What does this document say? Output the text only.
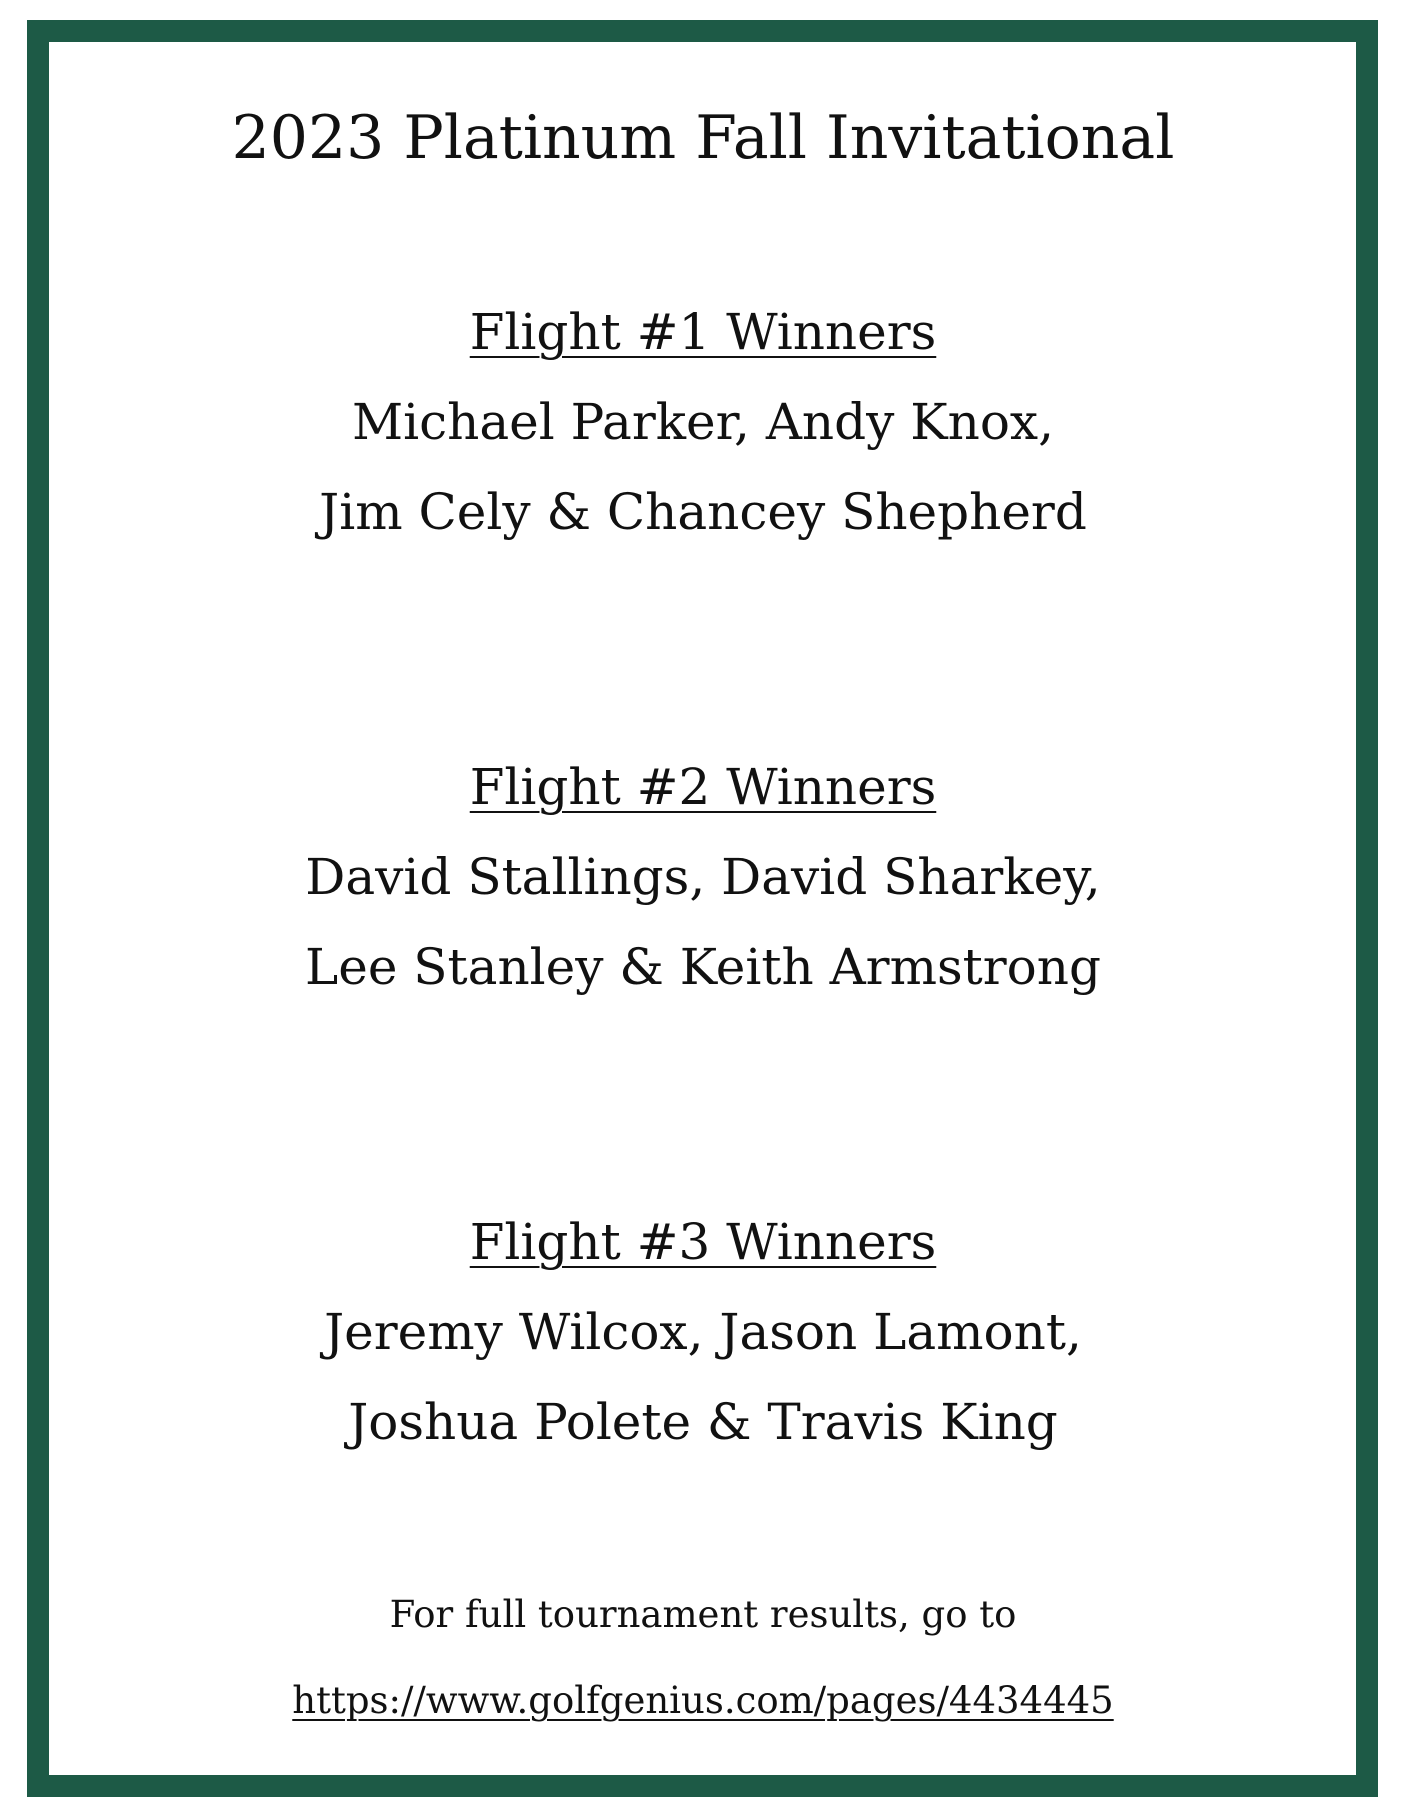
2023 Platinum Fall Invitational
Flight #1 Winners
Michael Parker, Andy Knox,
Jim Cely & Chancey Shepherd
Flight #2 Winners
David Stallings, David Sharkey,
Lee Stanley & Keith Armstrong
Flight #3 Winners
Jeremy Wilcox, Jason Lamont,
Joshua Polete & Travis King
For full tournament results, go to
https://www.golfgenius.com/pages/4434445
